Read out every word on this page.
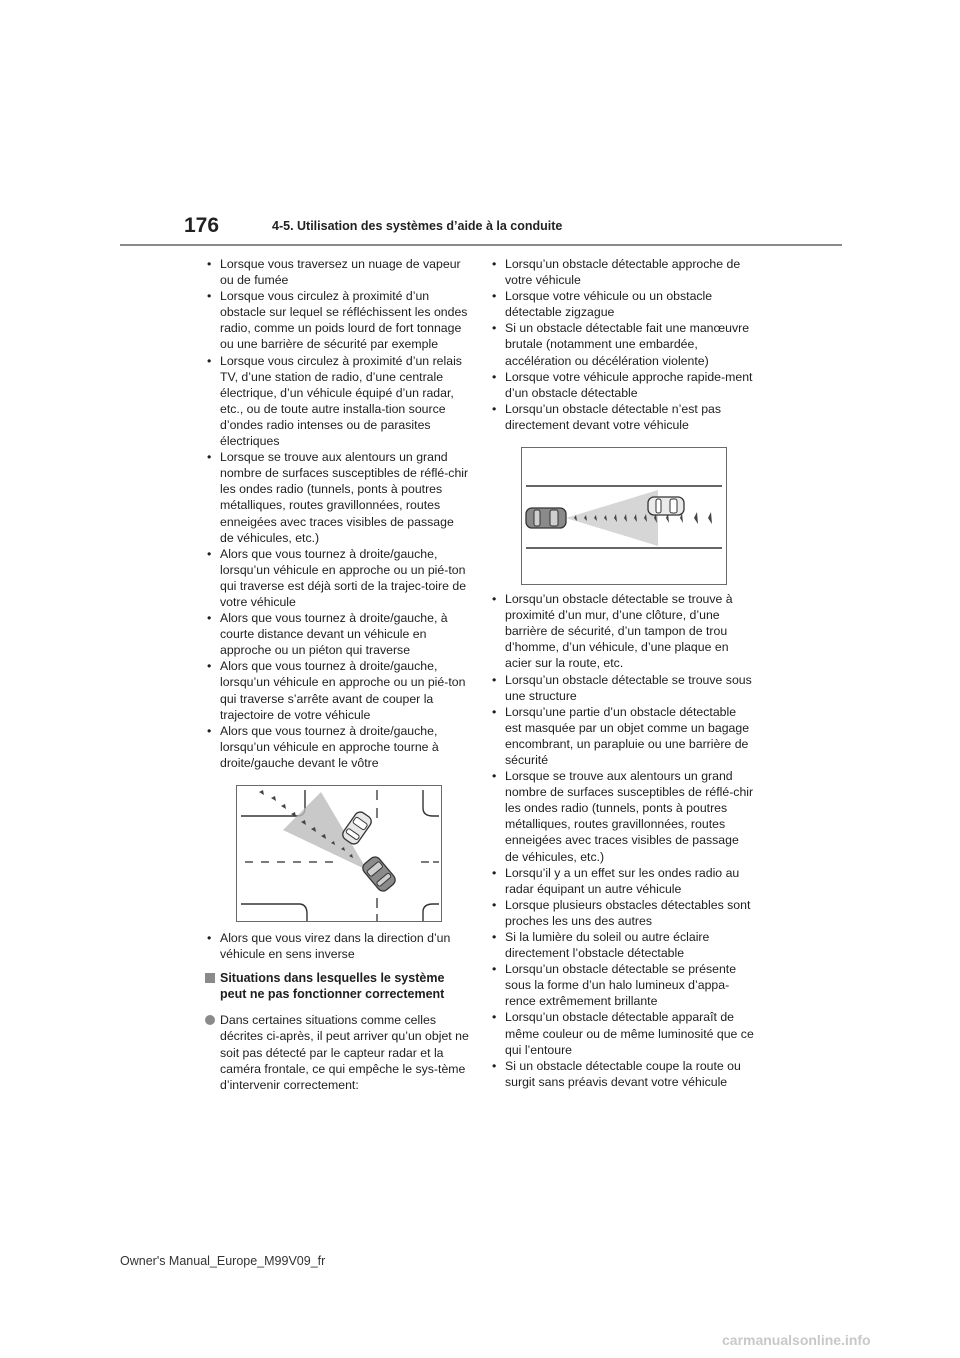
176	4-5. Utilisation des systèmes d’aide à la conduite
• Lorsque vous traversez un nuage de vapeur ou de fumée
• Lorsque vous circulez à proximité d’un obstacle sur lequel se réfléchissent les ondes radio, comme un poids lourd de fort tonnage ou une barrière de sécurité par exemple
• Lorsque vous circulez à proximité d’un relais TV, d’une station de radio, d’une centrale électrique, d’un véhicule équipé d’un radar, etc., ou de toute autre installa-tion source d’ondes radio intenses ou de parasites électriques
• Lorsque se trouve aux alentours un grand nombre de surfaces susceptibles de réflé-chir les ondes radio (tunnels, ponts à poutres métalliques, routes gravillonnées, routes enneigées avec traces visibles de passage de véhicules, etc.)
• Alors que vous tournez à droite/gauche, lorsqu’un véhicule en approche ou un pié-ton qui traverse est déjà sorti de la trajec-toire de votre véhicule
• Alors que vous tournez à droite/gauche, à courte distance devant un véhicule en approche ou un piéton qui traverse
• Alors que vous tournez à droite/gauche, lorsqu’un véhicule en approche ou un pié-ton qui traverse s’arrête avant de couper la trajectoire de votre véhicule
• Alors que vous tournez à droite/gauche, lorsqu’un véhicule en approche tourne à droite/gauche devant le vôtre
• Alors que vous virez dans la direction d’un véhicule en sens inverse
Situations dans lesquelles le système peut ne pas fonctionner correctement
Dans certaines situations comme celles décrites ci-après, il peut arriver qu’un objet ne soit pas détecté par le capteur radar et la caméra frontale, ce qui empêche le sys-tème d’intervenir correctement:
• Lorsqu’un obstacle détectable approche de votre véhicule
• Lorsque votre véhicule ou un obstacle détectable zigzague
• Si un obstacle détectable fait une manœuvre brutale (notamment une embardée, accélération ou décélération violente)
• Lorsque votre véhicule approche rapide-ment d’un obstacle détectable
• Lorsqu’un obstacle détectable n’est pas directement devant votre véhicule
• Lorsqu’un obstacle détectable se trouve à proximité d’un mur, d’une clôture, d’une barrière de sécurité, d’un tampon de trou d’homme, d’un véhicule, d’une plaque en acier sur la route, etc.
• Lorsqu’un obstacle détectable se trouve sous une structure
• Lorsqu’une partie d’un obstacle détectable est masquée par un objet comme un bagage encombrant, un parapluie ou une barrière de sécurité
• Lorsque se trouve aux alentours un grand nombre de surfaces susceptibles de réflé-chir les ondes radio (tunnels, ponts à poutres métalliques, routes gravillonnées, routes enneigées avec traces visibles de passage de véhicules, etc.)
• Lorsqu’il y a un effet sur les ondes radio au radar équipant un autre véhicule
• Lorsque plusieurs obstacles détectables sont proches les uns des autres
• Si la lumière du soleil ou autre éclaire directement l’obstacle détectable
• Lorsqu’un obstacle détectable se présente sous la forme d’un halo lumineux d’appa-rence extrêmement brillante
• Lorsqu’un obstacle détectable apparaît de même couleur ou de même luminosité que ce qui l’entoure
• Si un obstacle détectable coupe la route ou surgit sans préavis devant votre véhicule
Owner's Manual_Europe_M99V09_fr
carmanualsonline.info
